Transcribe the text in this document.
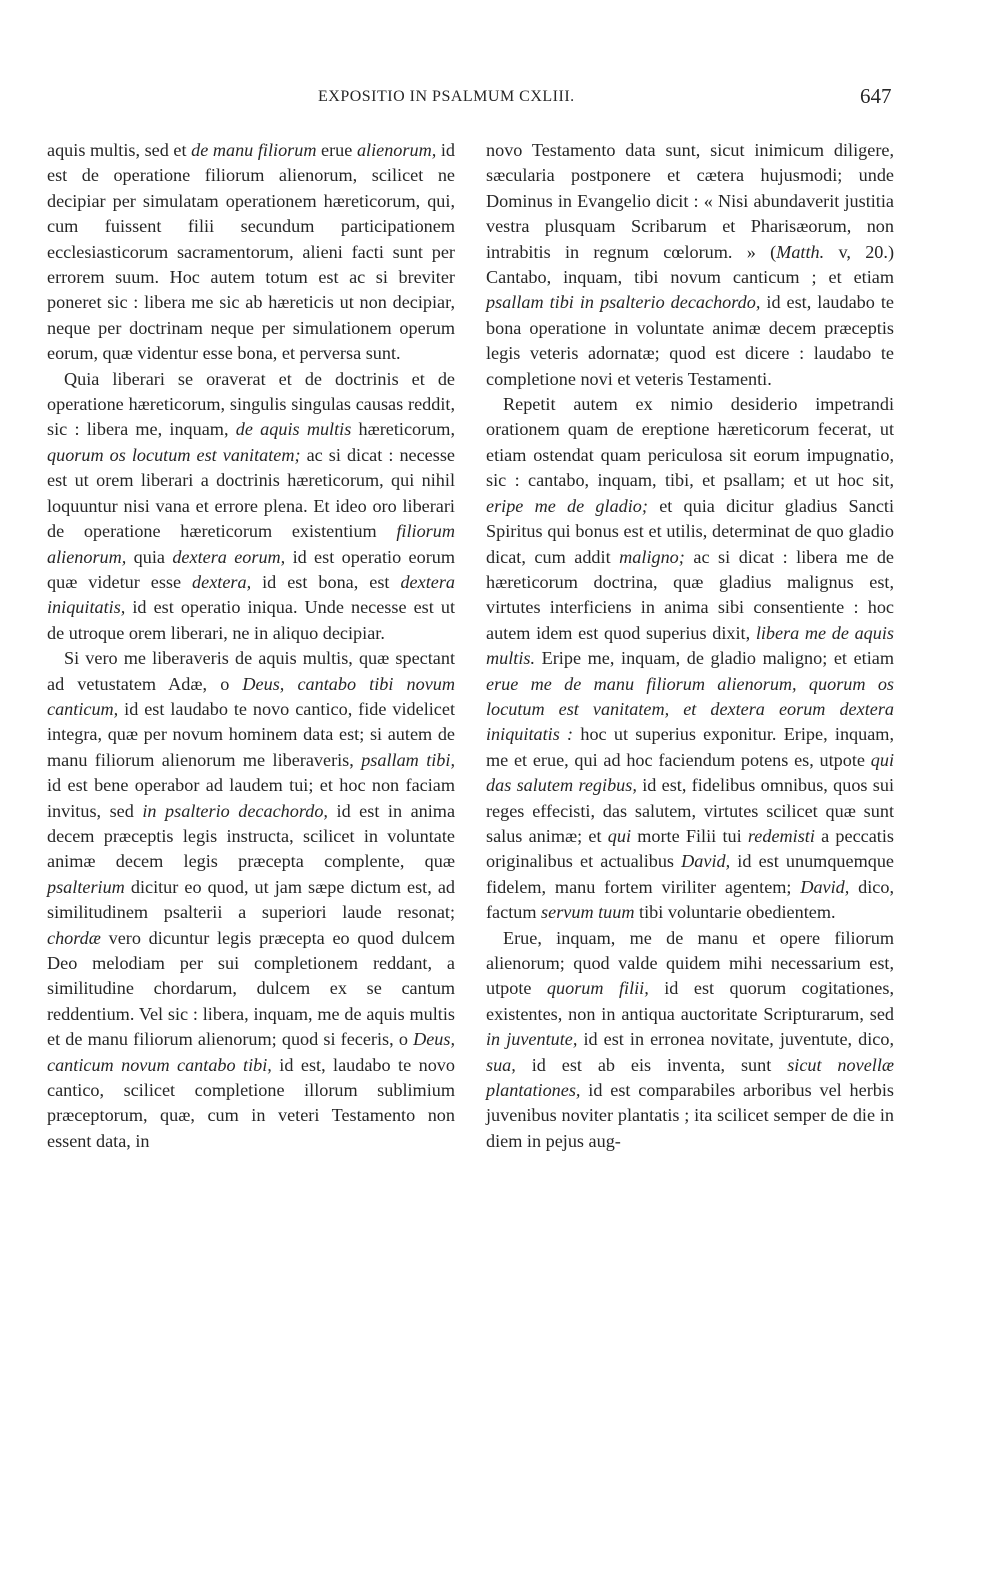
EXPOSITIO IN PSALMUM CXLIII.	647

aquis multis, sed et de manu filiorum erue alienorum, id est de operatione filiorum alienorum, scilicet ne decipiar per simulatam operationem hæreticorum, qui, cum fuissent filii secundum participationem ecclesiasticorum sacramentorum, alieni facti sunt per errorem suum. Hoc autem totum est ac si breviter poneret sic : libera me sic ab hæreticis ut non decipiar, neque per doctrinam neque per simulationem operum eorum, quæ videntur esse bona, et perversa sunt.

Quia liberari se oraverat et de doctrinis et de operatione hæreticorum, singulis singulas causas reddit, sic : libera me, inquam, de aquis multis hæreticorum, quorum os locutum est vanitatem; ac si dicat : necesse est ut orem liberari a doctrinis hæreticorum, qui nihil loquuntur nisi vana et errore plena. Et ideo oro liberari de operatione hæreticorum existentium filiorum alienorum, quia dextera eorum, id est operatio eorum quæ videtur esse dextera, id est bona, est dextera iniquitatis, id est operatio iniqua. Unde necesse est ut de utroque orem liberari, ne in aliquo decipiar.

Si vero me liberaveris de aquis multis, quæ spectant ad vetustatem Adæ, o Deus, cantabo tibi novum canticum, id est laudabo te novo cantico, fide videlicet integra, quæ per novum hominem data est; si autem de manu filiorum alienorum me liberaveris, psallam tibi, id est bene operabor ad laudem tui; et hoc non faciam invitus, sed in psalterio decachordo, id est in anima decem præceptis legis instructa, scilicet in voluntate animæ decem legis præcepta complente, quæ psalterium dicitur eo quod, ut jam sæpe dictum est, ad similitudinem psalterii a superiori laude resonat; chordæ vero dicuntur legis præcepta eo quod dulcem Deo melodiam per sui completionem reddant, a similitudine chordarum, dulcem ex se cantum reddentium. Vel sic : libera, inquam, me de aquis multis et de manu filiorum alienorum; quod si feceris, o Deus, canticum novum cantabo tibi, id est, laudabo te novo cantico, scilicet completione illorum sublimium præceptorum, quæ, cum in veteri Testamento non essent data, in

novo Testamento data sunt, sicut inimicum diligere, sæcularia postponere et cætera hujusmodi; unde Dominus in Evangelio dicit : « Nisi abundaverit justitia vestra plusquam Scribarum et Pharisæorum, non intrabitis in regnum cœlorum. » (Matth. v, 20.) Cantabo, inquam, tibi novum canticum ; et etiam psallam tibi in psalterio decachordo, id est, laudabo te bona operatione in voluntate animæ decem præceptis legis veteris adornatæ; quod est dicere : laudabo te completione novi et veteris Testamenti.

Repetit autem ex nimio desiderio impetrandi orationem quam de ereptione hæreticorum fecerat, ut etiam ostendat quam periculosa sit eorum impugnatio, sic : cantabo, inquam, tibi, et psallam; et ut hoc sit, eripe me de gladio; et quia dicitur gladius Sancti Spiritus qui bonus est et utilis, determinat de quo gladio dicat, cum addit maligno; ac si dicat : libera me de hæreticorum doctrina, quæ gladius malignus est, virtutes interficiens in anima sibi consentiente : hoc autem idem est quod superius dixit, libera me de aquis multis. Eripe me, inquam, de gladio maligno; et etiam erue me de manu filiorum alienorum, quorum os locutum est vanitatem, et dextera eorum dextera iniquitatis : hoc ut superius exponitur. Eripe, inquam, me et erue, qui ad hoc faciendum potens es, utpote qui das salutem regibus, id est, fidelibus omnibus, quos sui reges effecisti, das salutem, virtutes scilicet quæ sunt salus animæ; et qui morte Filii tui redemisti a peccatis originalibus et actualibus David, id est unumquemque fidelem, manu fortem viriliter agentem; David, dico, factum servum tuum tibi voluntarie obedientem.

Erue, inquam, me de manu et opere filiorum alienorum; quod valde quidem mihi necessarium est, utpote quorum filii, id est quorum cogitationes, existentes, non in antiqua auctoritate Scripturarum, sed in juventute, id est in erronea novitate, juventute, dico, sua, id est ab eis inventa, sunt sicut novellæ plantationes, id est comparabiles arboribus vel herbis juvenibus noviter plantatis ; ita scilicet semper de die in diem in pejus aug-
